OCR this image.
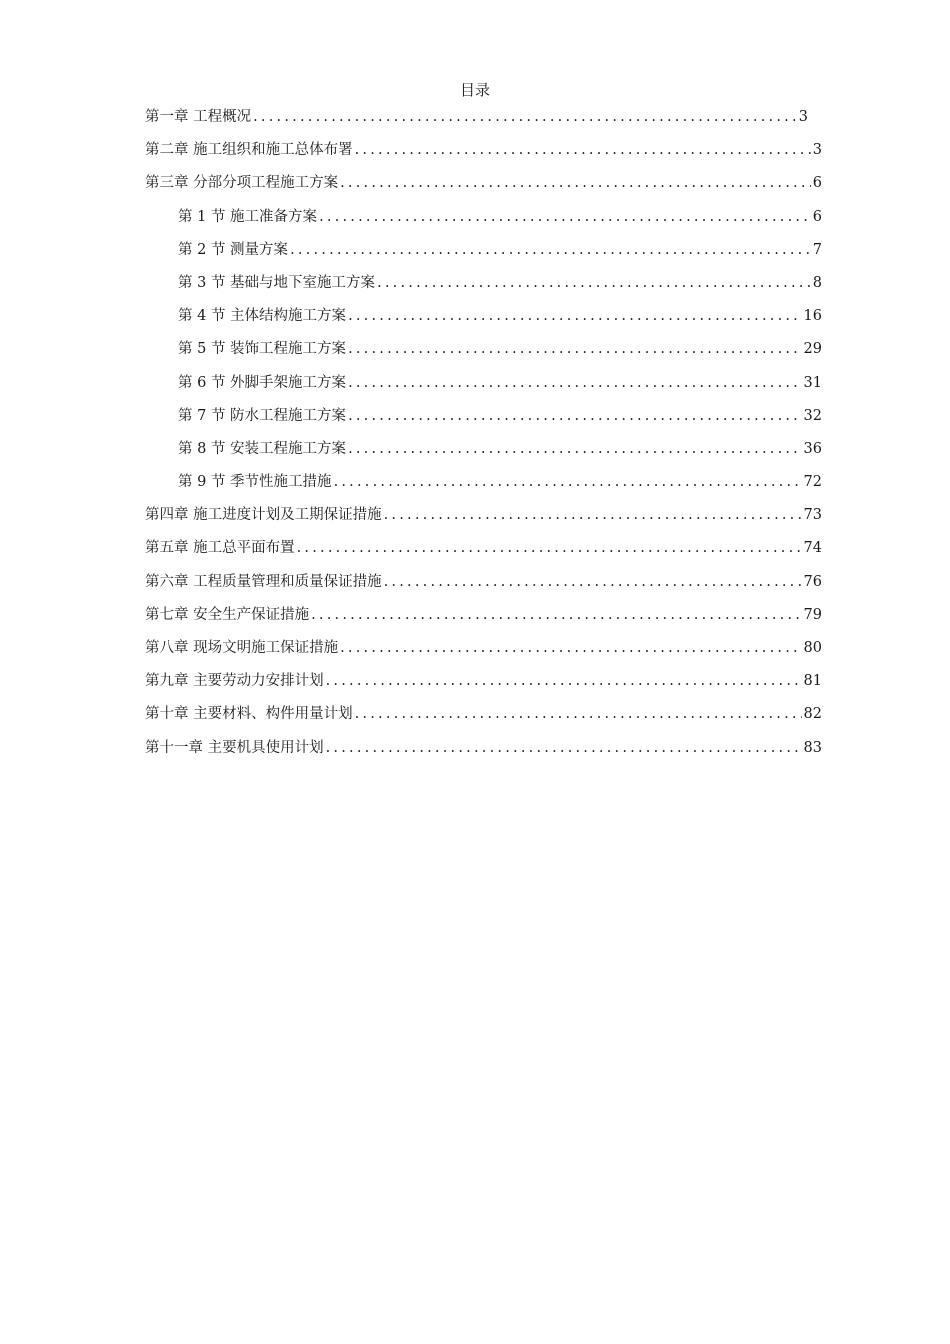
目录
第一章 工程概况 .....	3
第二章 施工组织和施工总体布署 .....	3
第三章 分部分项工程施工方案 .....	6
第 1 节 施工准备方案 .....	6
第 2 节 测量方案 .....	7
第 3 节 基础与地下室施工方案 .....	8
第 4 节 主体结构施工方案 .....	16
第 5 节 装饰工程施工方案 .....	29
第 6 节 外脚手架施工方案 .....	31
第 7 节 防水工程施工方案 .....	32
第 8 节 安装工程施工方案 .....	36
第 9 节 季节性施工措施 .....	72
第四章 施工进度计划及工期保证措施 .....	73
第五章 施工总平面布置 .....	74
第六章 工程质量管理和质量保证措施 .....	76
第七章 安全生产保证措施 .....	79
第八章 现场文明施工保证措施 .....	80
第九章 主要劳动力安排计划 .....	81
第十章 主要材料、构件用量计划 .....	82
第十一章 主要机具使用计划 .....	83
